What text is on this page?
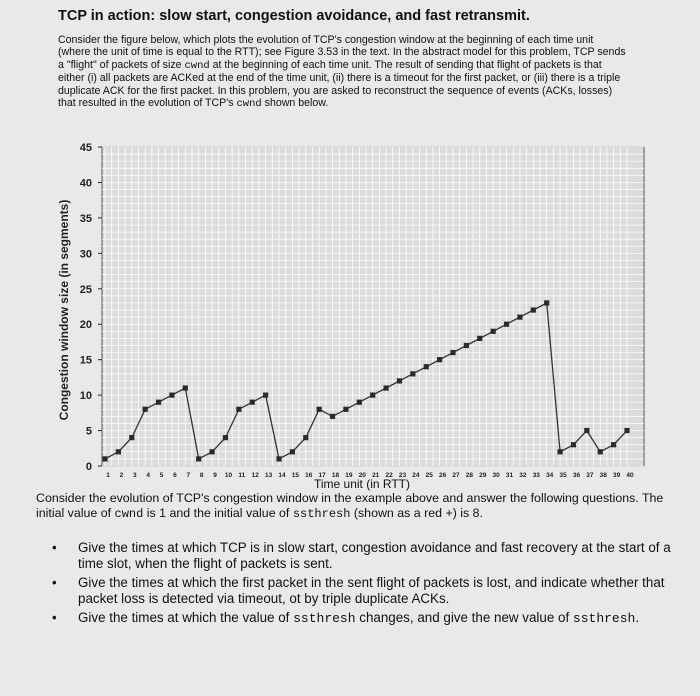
TCP in action: slow start, congestion avoidance, and fast retransmit.
Consider the figure below, which plots the evolution of TCP's congestion window at the beginning of each time unit (where the unit of time is equal to the RTT); see Figure 3.53 in the text. In the abstract model for this problem, TCP sends a "flight" of packets of size cwnd at the beginning of each time unit. The result of sending that flight of packets is that either (i) all packets are ACKed at the end of the time unit, (ii) there is a timeout for the first packet, or (iii) there is a triple duplicate ACK for the first packet. In this problem, you are asked to reconstruct the sequence of events (ACKs, losses) that resulted in the evolution of TCP's cwnd shown below.
0
5
10
15
20
25
30
35
40
45
1 2 3 4 5 6 7 8 9 10 11 12 13 14 15 16 17 18 19 20 21 22 23 24 25 26 27 28 29 30 31 32 33 34 35 36 37 38 39 40
Congestion window size (in segments)
Time unit (in RTT)
Consider the evolution of TCP's congestion window in the example above and answer the following questions. The initial value of cwnd is 1 and the initial value of ssthresh (shown as a red +) is 8.
• Give the times at which TCP is in slow start, congestion avoidance and fast recovery at the start of a time slot, when the flight of packets is sent.
• Give the times at which the first packet in the sent flight of packets is lost, and indicate whether that packet loss is detected via timeout, ot by triple duplicate ACKs.
• Give the times at which the value of ssthresh changes, and give the new value of ssthresh.
